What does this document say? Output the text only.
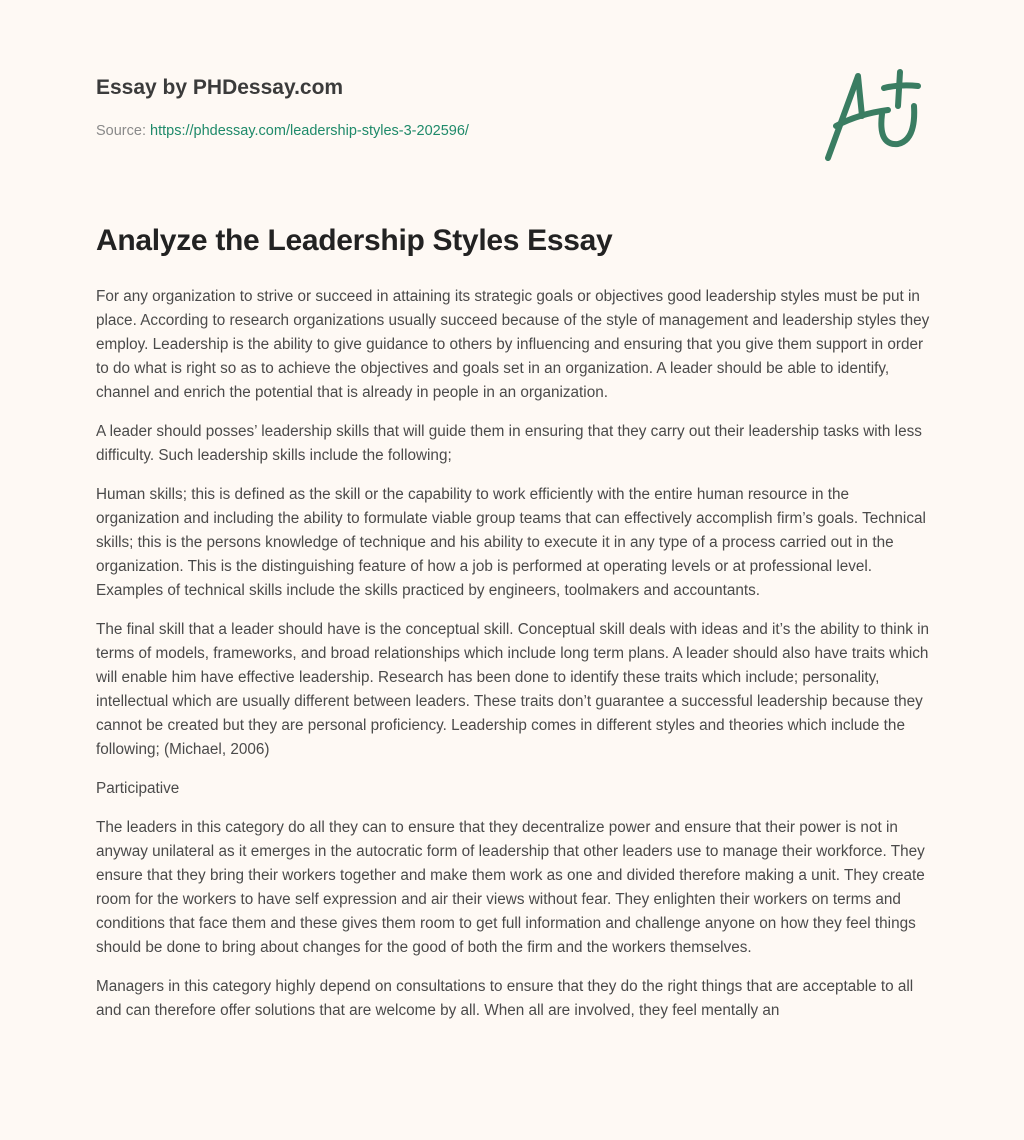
Essay by PHDessay.com
Source: https://phdessay.com/leadership-styles-3-202596/
Analyze the Leadership Styles Essay

For any organization to strive or succeed in attaining its strategic goals or objectives good leadership styles must be put in place. According to research organizations usually succeed because of the style of management and leadership styles they employ. Leadership is the ability to give guidance to others by influencing and ensuring that you give them support in order to do what is right so as to achieve the objectives and goals set in an organization. A leader should be able to identify, channel and enrich the potential that is already in people in an organization.

A leader should posses’ leadership skills that will guide them in ensuring that they carry out their leadership tasks with less difficulty. Such leadership skills include the following;

Human skills; this is defined as the skill or the capability to work efficiently with the entire human resource in the organization and including the ability to formulate viable group teams that can effectively accomplish firm’s goals. Technical skills; this is the persons knowledge of technique and his ability to execute it in any type of a process carried out in the organization. This is the distinguishing feature of how a job is performed at operating levels or at professional level. Examples of technical skills include the skills practiced by engineers, toolmakers and accountants.

The final skill that a leader should have is the conceptual skill. Conceptual skill deals with ideas and it’s the ability to think in terms of models, frameworks, and broad relationships which include long term plans. A leader should also have traits which will enable him have effective leadership. Research has been done to identify these traits which include; personality, intellectual which are usually different between leaders. These traits don’t guarantee a successful leadership because they cannot be created but they are personal proficiency. Leadership comes in different styles and theories which include the following; (Michael, 2006)

Participative

The leaders in this category do all they can to ensure that they decentralize power and ensure that their power is not in anyway unilateral as it emerges in the autocratic form of leadership that other leaders use to manage their workforce. They ensure that they bring their workers together and make them work as one and divided therefore making a unit. They create room for the workers to have self expression and air their views without fear. They enlighten their workers on terms and conditions that face them and these gives them room to get full information and challenge anyone on how they feel things should be done to bring about changes for the good of both the firm and the workers themselves.

Managers in this category highly depend on consultations to ensure that they do the right things that are acceptable to all and can therefore offer solutions that are welcome by all. When all are involved, they feel mentally an
